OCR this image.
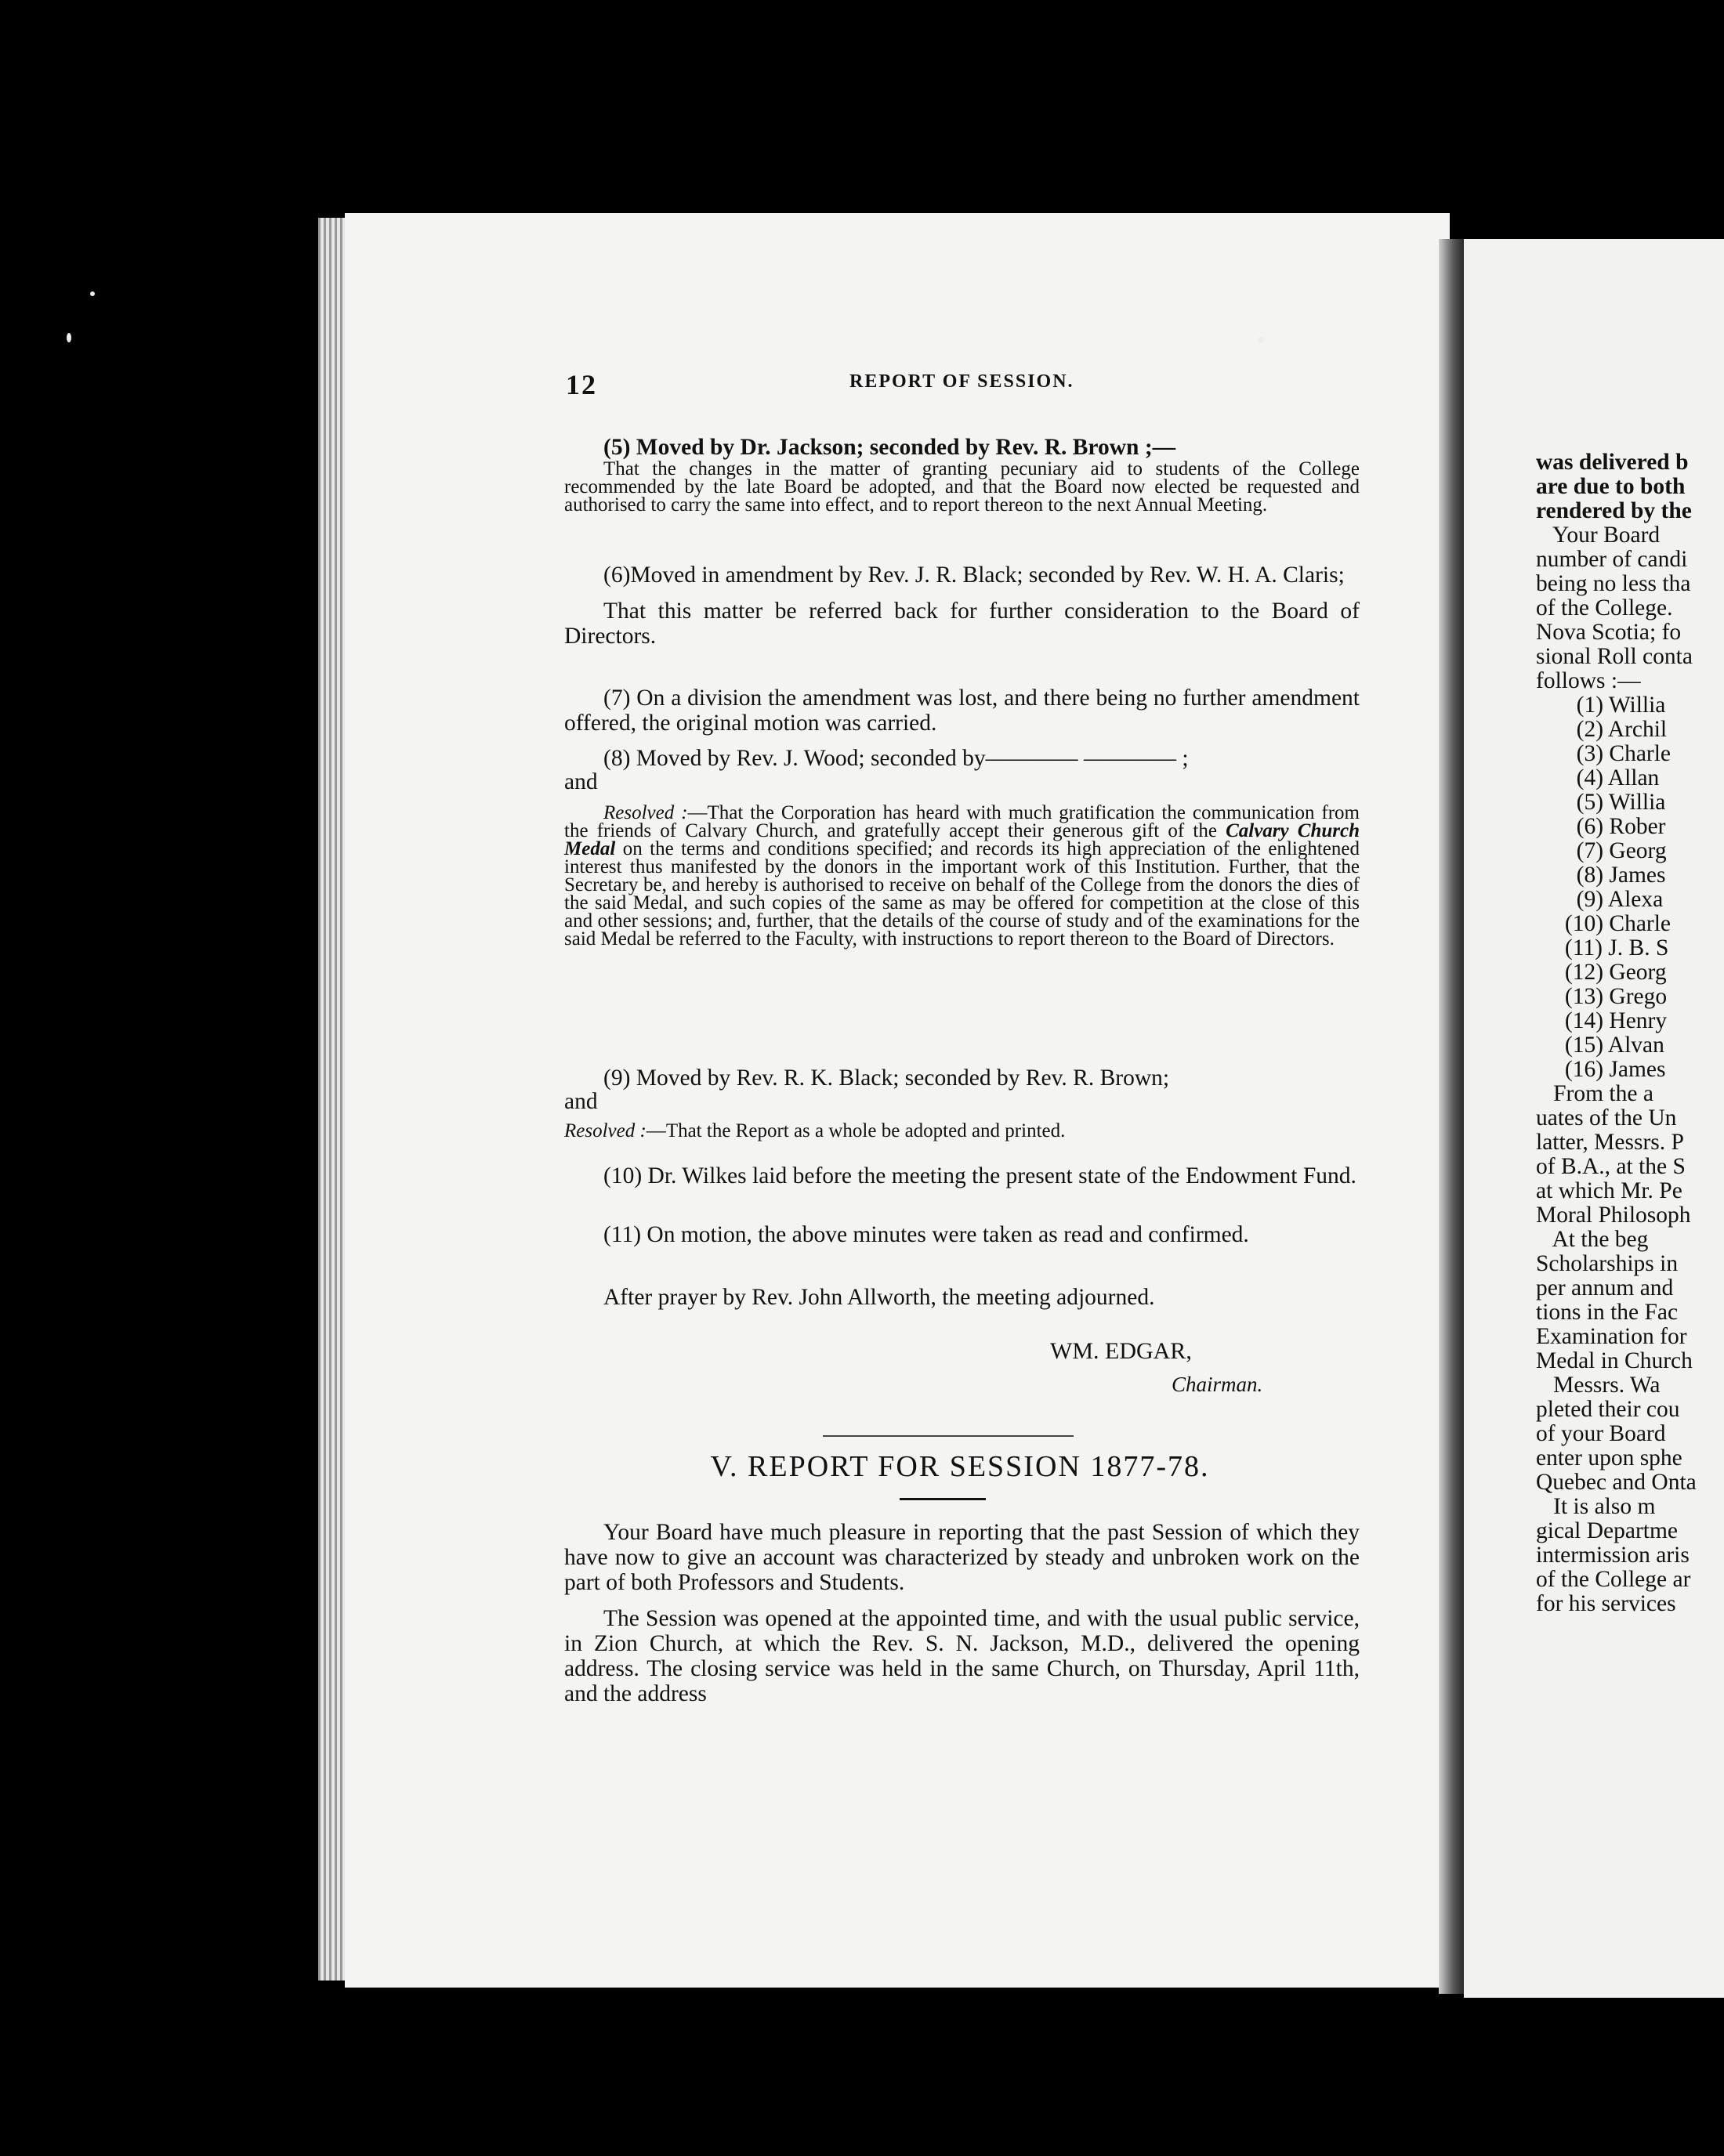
was delivered b
are due to both
rendered by the
Your Board
number of candi
being no less tha
of the College.
Nova Scotia; fo
sional Roll conta
follows :—
(1) Willia
(2) Archil
(3) Charle
(4) Allan
(5) Willia
(6) Rober
(7) Georg
(8) James
(9) Alexa
(10) Charle
(11) J. B. S
(12) Georg
(13) Grego
(14) Henry
(15) Alvan
(16) James
From the a
uates of the Un
latter, Messrs. P
of B.A., at the S
at which Mr. Pe
Moral Philosoph
At the beg
Scholarships in
per annum and
tions in the Fac
Examination for
Medal in Church
Messrs. Wa
pleted their cou
of your Board
enter upon sphe
Quebec and Onta
It is also m
gical Departme
intermission aris
of the College ar
for his services
12	REPORT OF SESSION.

(5) Moved by Dr. Jackson; seconded by Rev. R. Brown ;—

That the changes in the matter of granting pecuniary aid to students of the College recommended by the late Board be adopted, and that the Board now elected be requested and authorised to carry the same into effect, and to report thereon to the next Annual Meeting.

(6)Moved in amendment by Rev. J. R. Black; seconded by Rev. W. H. A. Claris;

That this matter be referred back for further consideration to the Board of Directors.

(7) On a division the amendment was lost, and there being no further amendment offered, the original motion was carried.

(8) Moved by Rev. J. Wood; seconded by———— ———— ;

and

Resolved :—That the Corporation has heard with much gratification the communication from the friends of Calvary Church, and gratefully accept their generous gift of the Calvary Church Medal on the terms and conditions specified; and records its high appreciation of the enlightened interest thus manifested by the donors in the important work of this Institution. Further, that the Secretary be, and hereby is authorised to receive on behalf of the College from the donors the dies of the said Medal, and such copies of the same as may be offered for competition at the close of this and other sessions; and, further, that the details of the course of study and of the examinations for the said Medal be referred to the Faculty, with instructions to report thereon to the Board of Directors.

(9) Moved by Rev. R. K. Black; seconded by Rev. R. Brown;

and

Resolved :—That the Report as a whole be adopted and printed.

(10) Dr. Wilkes laid before the meeting the present state of the Endowment Fund.

(11) On motion, the above minutes were taken as read and confirmed.

After prayer by Rev. John Allworth, the meeting adjourned.

WM. EDGAR,
Chairman.
V. REPORT FOR SESSION 1877-78.

Your Board have much pleasure in reporting that the past Session of which they have now to give an account was characterized by steady and unbroken work on the part of both Professors and Students.

The Session was opened at the appointed time, and with the usual public service, in Zion Church, at which the Rev. S. N. Jackson, M.D., delivered the opening address. The closing service was held in the same Church, on Thursday, April 11th, and the address
